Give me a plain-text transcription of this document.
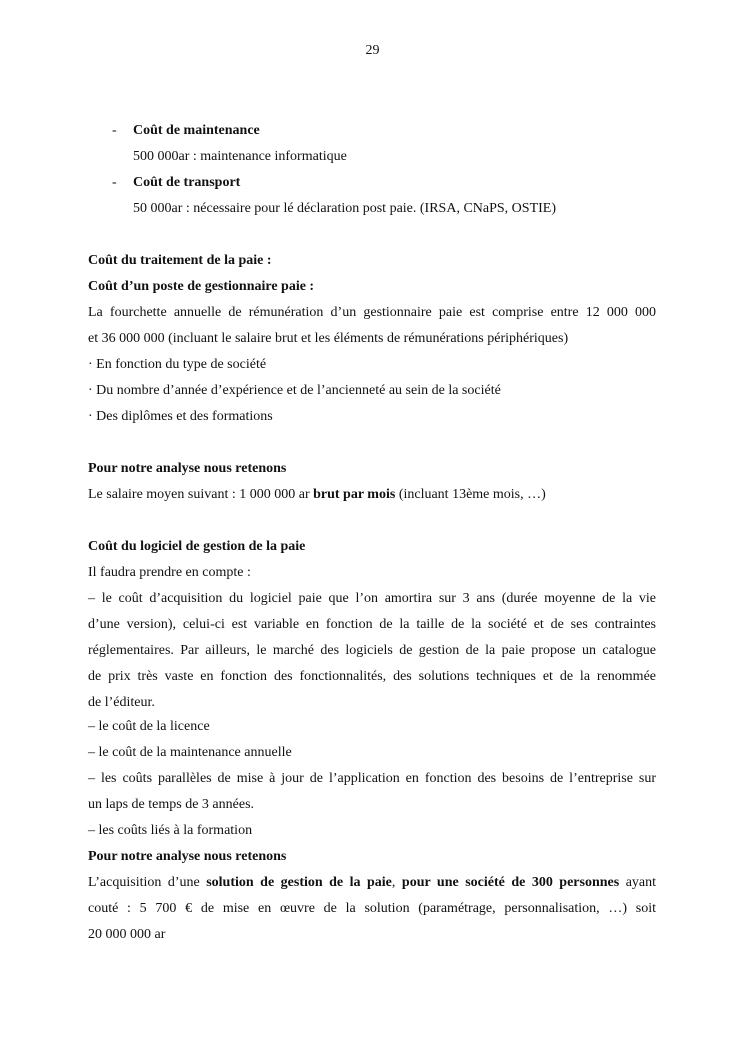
29
- Coût de maintenance
500 000ar : maintenance informatique
- Coût de transport
50 000ar : nécessaire pour lé déclaration post paie. (IRSA, CNaPS, OSTIE)
Coût du traitement de la paie :
Coût d’un poste de gestionnaire paie :
La fourchette annuelle de rémunération d’un gestionnaire paie est comprise entre 12 000 000
et 36 000 000 (incluant le salaire brut et les éléments de rémunérations périphériques)
· En fonction du type de société
· Du nombre d’année d’expérience et de l’ancienneté au sein de la société
· Des diplômes et des formations
Pour notre analyse nous retenons
Le salaire moyen suivant : 1 000 000 ar brut par mois (incluant 13ème mois, …)
Coût du logiciel de gestion de la paie
Il faudra prendre en compte :
– le coût d’acquisition du logiciel paie que l’on amortira sur 3 ans (durée moyenne de la vie
d’une version), celui-ci est variable en fonction de la taille de la société et de ses contraintes
réglementaires. Par ailleurs, le marché des logiciels de gestion de la paie propose un catalogue
de prix très vaste en fonction des fonctionnalités, des solutions techniques et de la renommée
de l’éditeur.
– le coût de la licence
– le coût de la maintenance annuelle
– les coûts parallèles de mise à jour de l’application en fonction des besoins de l’entreprise sur
un laps de temps de 3 années.
– les coûts liés à la formation
Pour notre analyse nous retenons
L’acquisition d’une solution de gestion de la paie, pour une société de 300 personnes ayant
couté : 5 700 € de mise en œuvre de la solution (paramétrage, personnalisation, …) soit
20 000 000 ar
